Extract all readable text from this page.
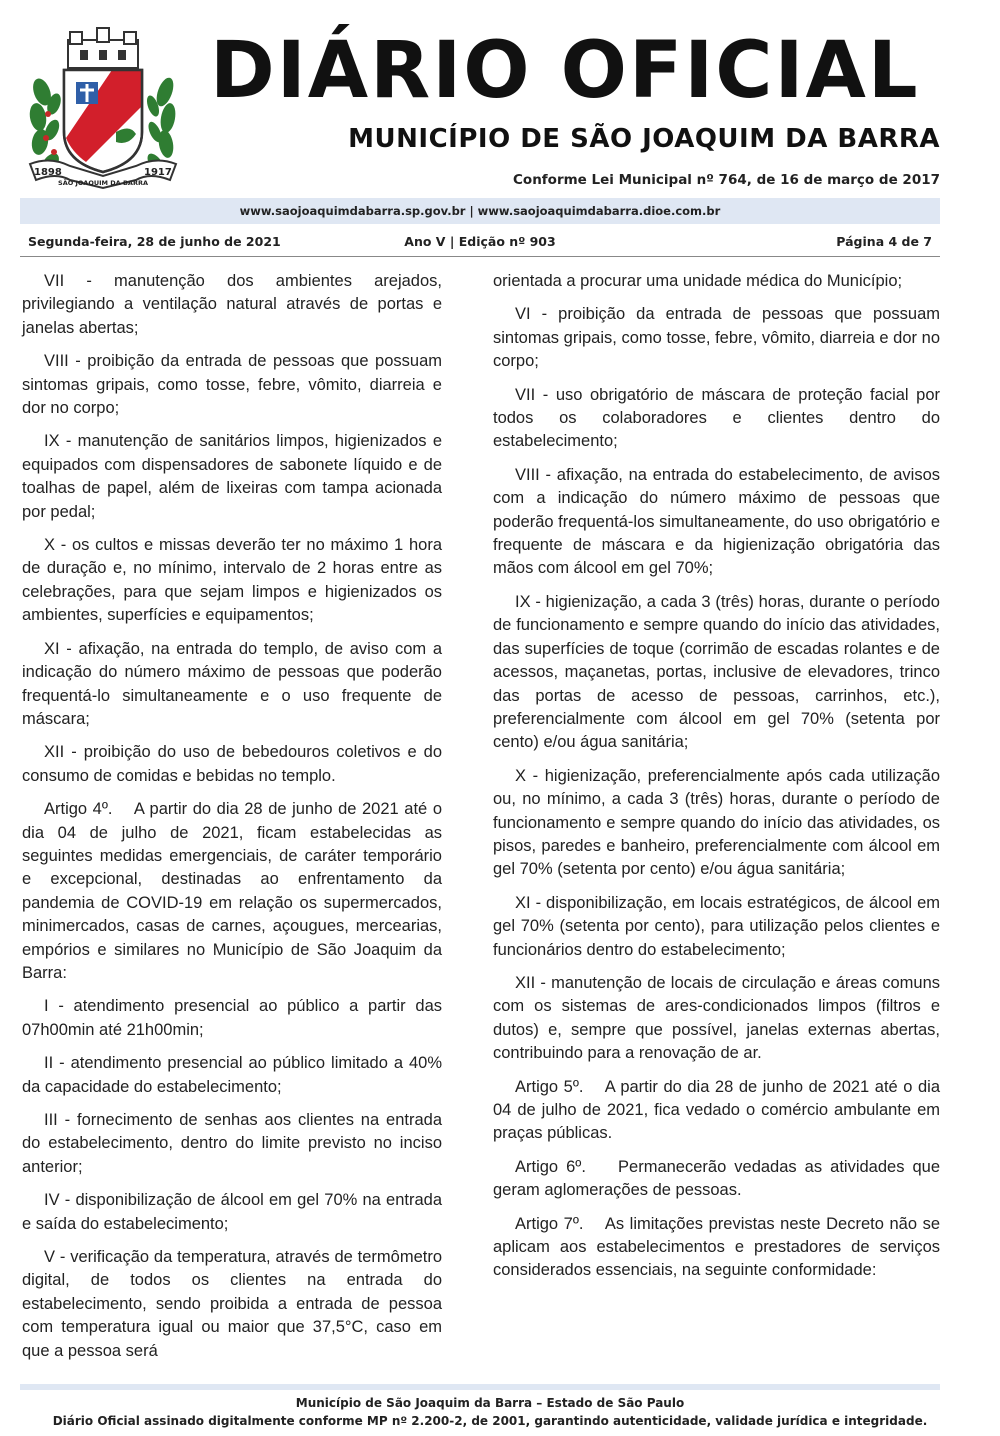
1898	1917
SÃO JOAQUIM DA BARRA
DIÁRIO OFICIAL
MUNICÍPIO DE SÃO JOAQUIM DA BARRA
Conforme Lei Municipal nº 764, de 16 de março de 2017
www.saojoaquimdabarra.sp.gov.br | www.saojoaquimdabarra.dioe.com.br
Segunda-feira, 28 de junho de 2021	Ano V | Edição nº 903	Página 4 de 7

VII - manutenção dos ambientes arejados, privilegiando a ventilação natural através de portas e janelas abertas;

VIII - proibição da entrada de pessoas que possuam sintomas gripais, como tosse, febre, vômito, diarreia e dor no corpo;

IX - manutenção de sanitários limpos, higienizados e equipados com dispensadores de sabonete líquido e de toalhas de papel, além de lixeiras com tampa acionada por pedal;

X - os cultos e missas deverão ter no máximo 1 hora de duração e, no mínimo, intervalo de 2 horas entre as celebrações, para que sejam limpos e higienizados os ambientes, superfícies e equipamentos;

XI - afixação, na entrada do templo, de aviso com a indicação do número máximo de pessoas que poderão frequentá-lo simultaneamente e o uso frequente de máscara;

XII - proibição do uso de bebedouros coletivos e do consumo de comidas e bebidas no templo.

Artigo 4º.    A partir do dia 28 de junho de 2021 até o dia 04 de julho de 2021, ficam estabelecidas as seguintes medidas emergenciais, de caráter temporário e excepcional, destinadas ao enfrentamento da pandemia de COVID-19 em relação os supermercados, minimercados, casas de carnes, açougues, mercearias, empórios e similares no Município de São Joaquim da Barra:

I - atendimento presencial ao público a partir das 07h00min até 21h00min;

II - atendimento presencial ao público limitado a 40% da capacidade do estabelecimento;

III - fornecimento de senhas aos clientes na entrada do estabelecimento, dentro do limite previsto no inciso anterior;

IV - disponibilização de álcool em gel 70% na entrada e saída do estabelecimento;

V - verificação da temperatura, através de termômetro digital, de todos os clientes na entrada do estabelecimento, sendo proibida a entrada de pessoa com temperatura igual ou maior que 37,5°C, caso em que a pessoa será

orientada a procurar uma unidade médica do Município;

VI - proibição da entrada de pessoas que possuam sintomas gripais, como tosse, febre, vômito, diarreia e dor no corpo;

VII - uso obrigatório de máscara de proteção facial por todos os colaboradores e clientes dentro do estabelecimento;

VIII - afixação, na entrada do estabelecimento, de avisos com a indicação do número máximo de pessoas que poderão frequentá-los simultaneamente, do uso obrigatório e frequente de máscara e da higienização obrigatória das mãos com álcool em gel 70%;

IX - higienização, a cada 3 (três) horas, durante o período de funcionamento e sempre quando do início das atividades, das superfícies de toque (corrimão de escadas rolantes e de acessos, maçanetas, portas, inclusive de elevadores, trinco das portas de acesso de pessoas, carrinhos, etc.), preferencialmente com álcool em gel 70% (setenta por cento) e/ou água sanitária;

X - higienização, preferencialmente após cada utilização ou, no mínimo, a cada 3 (três) horas, durante o período de funcionamento e sempre quando do início das atividades, os pisos, paredes e banheiro, preferencialmente com álcool em gel 70% (setenta por cento) e/ou água sanitária;

XI - disponibilização, em locais estratégicos, de álcool em gel 70% (setenta por cento), para utilização pelos clientes e funcionários dentro do estabelecimento;

XII - manutenção de locais de circulação e áreas comuns com os sistemas de ares-condicionados limpos (filtros e dutos) e, sempre que possível, janelas externas abertas, contribuindo para a renovação de ar.

Artigo 5º.    A partir do dia 28 de junho de 2021 até o dia 04 de julho de 2021, fica vedado o comércio ambulante em praças públicas.

Artigo 6º.    Permanecerão vedadas as atividades que geram aglomerações de pessoas.

Artigo 7º.    As limitações previstas neste Decreto não se aplicam aos estabelecimentos e prestadores de serviços considerados essenciais, na seguinte conformidade:

Município de São Joaquim da Barra – Estado de São Paulo
Diário Oficial assinado digitalmente conforme MP nº 2.200-2, de 2001, garantindo autenticidade, validade jurídica e integridade.
